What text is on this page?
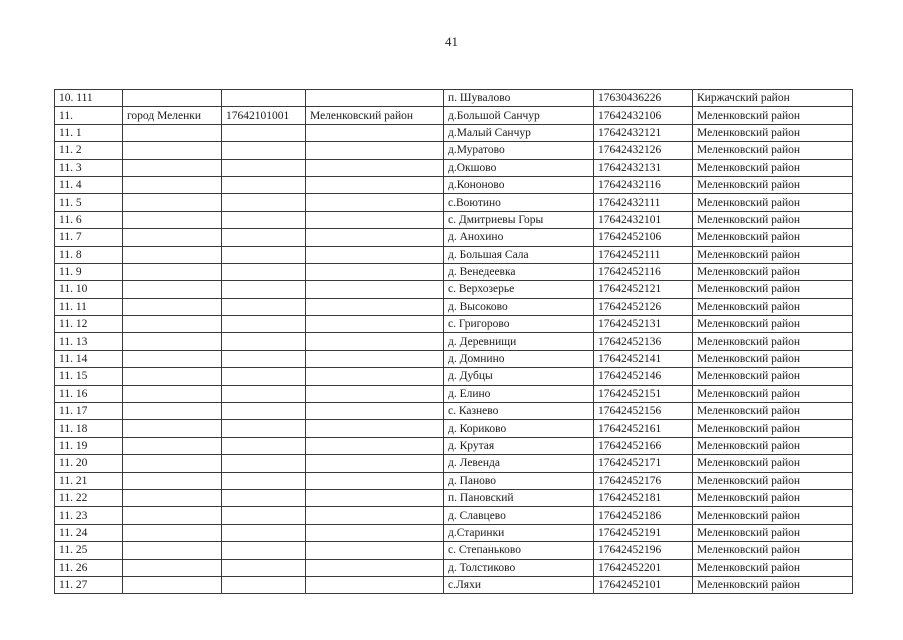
41
10. 111				п. Шувалово	17630436226	Киржачский район
11.	город Меленки	17642101001	Меленковский район	д.Большой Санчур	17642432106	Меленковский район
11. 1				д.Малый Санчур	17642432121	Меленковский район
11. 2				д.Муратово	17642432126	Меленковский район
11. 3				д.Окшово	17642432131	Меленковский район
11. 4				д.Кононово	17642432116	Меленковский район
11. 5				с.Воютино	17642432111	Меленковский район
11. 6				с. Дмитриевы Горы	17642432101	Меленковский район
11. 7				д. Анохино	17642452106	Меленковский район
11. 8				д. Большая Сала	17642452111	Меленковский район
11. 9				д. Венедеевка	17642452116	Меленковский район
11. 10				с. Верхозерье	17642452121	Меленковский район
11. 11				д. Высоково	17642452126	Меленковский район
11. 12				с. Григорово	17642452131	Меленковский район
11. 13				д. Деревнищи	17642452136	Меленковский район
11. 14				д. Домнино	17642452141	Меленковский район
11. 15				д. Дубцы	17642452146	Меленковский район
11. 16				д. Елино	17642452151	Меленковский район
11. 17				с. Казнево	17642452156	Меленковский район
11. 18				д. Кориково	17642452161	Меленковский район
11. 19				д. Крутая	17642452166	Меленковский район
11. 20				д. Левенда	17642452171	Меленковский район
11. 21				д. Паново	17642452176	Меленковский район
11. 22				п. Пановский	17642452181	Меленковский район
11. 23				д. Славцево	17642452186	Меленковский район
11. 24				д.Старинки	17642452191	Меленковский район
11. 25				с. Степаньково	17642452196	Меленковский район
11. 26				д. Толстиково	17642452201	Меленковский район
11. 27				с.Ляхи	17642452101	Меленковский район
